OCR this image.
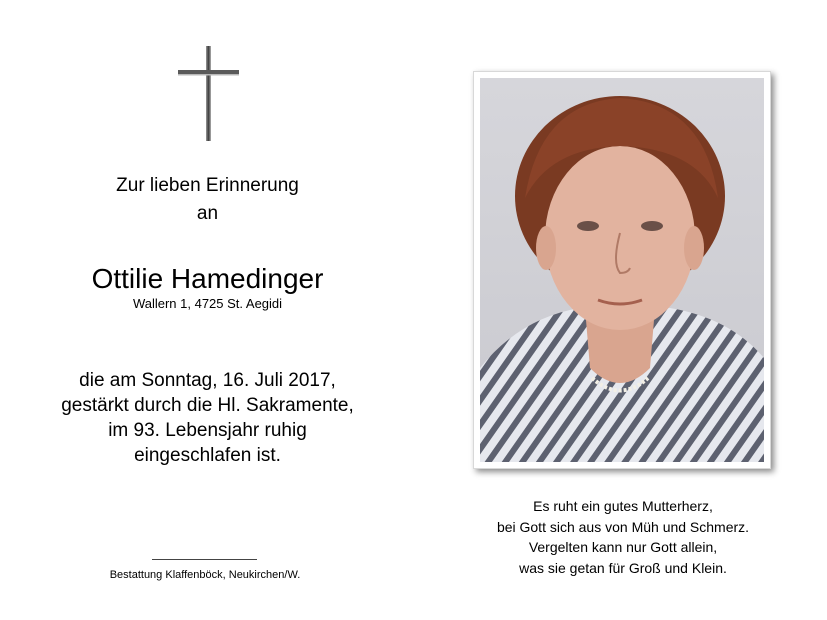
Zur lieben Erinnerung
an
Ottilie Hamedinger
Wallern 1, 4725 St. Aegidi
die am Sonntag, 16. Juli 2017,
gestärkt durch die Hl. Sakramente,
im 93. Lebensjahr ruhig
eingeschlafen ist.
Bestattung Klaffenböck, Neukirchen/W.
Es ruht ein gutes Mutterherz,
bei Gott sich aus von Müh und Schmerz.
Vergelten kann nur Gott allein,
was sie getan für Groß und Klein.
